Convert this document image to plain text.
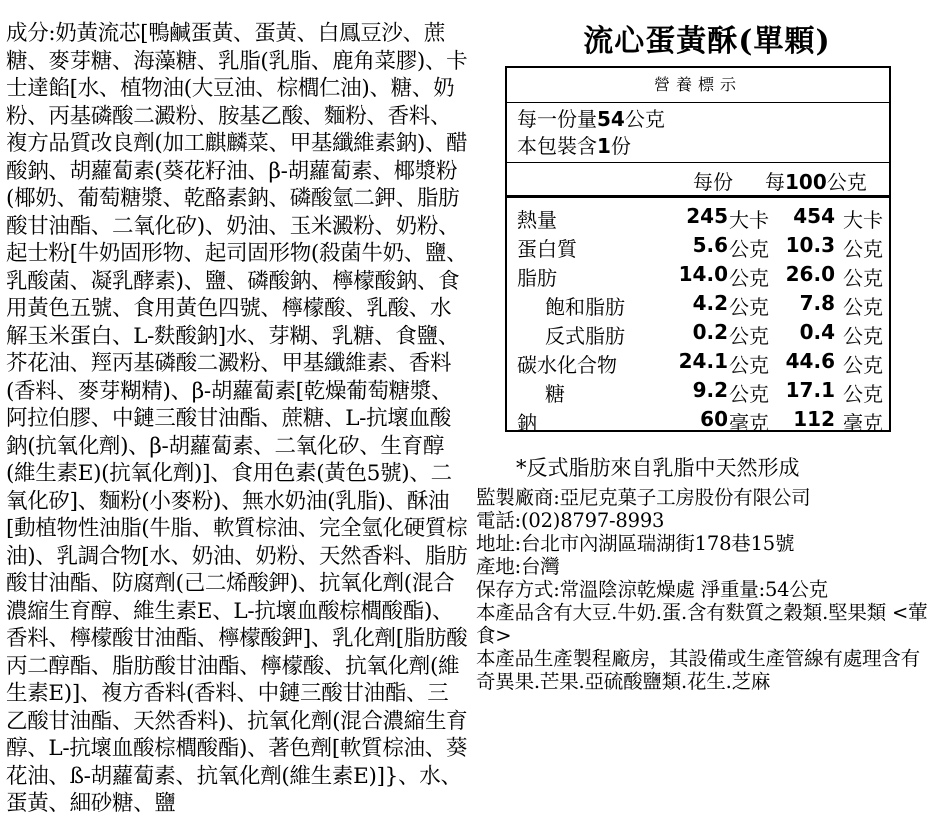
成分:奶黃流芯[鴨鹹蛋黃、蛋黃、白鳳豆沙、蔗糖、麥芽糖、海藻糖、乳脂(乳脂、鹿角菜膠)、卡士達餡[水、植物油(大豆油、棕櫚仁油)、糖、奶粉、丙基磷酸二澱粉、胺基乙酸、麵粉、香料、複方品質改良劑(加工麒麟菜、甲基纖維素鈉)、醋酸鈉、胡蘿蔔素(葵花籽油、β-胡蘿蔔素、椰漿粉(椰奶、葡萄糖漿、乾酪素鈉、磷酸氫二鉀、脂肪酸甘油酯、二氧化矽)、奶油、玉米澱粉、奶粉、起士粉[牛奶固形物、起司固形物(殺菌牛奶、鹽、乳酸菌、凝乳酵素)、鹽、磷酸鈉、檸檬酸鈉、食用黃色五號、食用黃色四號、檸檬酸、乳酸、水解玉米蛋白、L-麩酸鈉]水、芽糊、乳糖、食鹽、芥花油、羥丙基磷酸二澱粉、甲基纖維素、香料(香料、麥芽糊精)、β-胡蘿蔔素[乾燥葡萄糖漿、阿拉伯膠、中鏈三酸甘油酯、蔗糖、L-抗壞血酸鈉(抗氧化劑)、β-胡蘿蔔素、二氧化矽、生育醇(維生素E)(抗氧化劑)]、食用色素(黃色5號)、二氧化矽]、麵粉(小麥粉)、無水奶油(乳脂)、酥油[動植物性油脂(牛脂、軟質棕油、完全氫化硬質棕油)、乳調合物[水、奶油、奶粉、天然香料、脂肪酸甘油酯、防腐劑(己二烯酸鉀)、抗氧化劑(混合濃縮生育醇、維生素E、L-抗壞血酸棕櫚酸酯)、香料、檸檬酸甘油酯、檸檬酸鉀]、乳化劑[脂肪酸丙二醇酯、脂肪酸甘油酯、檸檬酸、抗氧化劑(維生素E)]、複方香料(香料、中鏈三酸甘油酯、三乙酸甘油酯、天然香料)、抗氧化劑(混合濃縮生育醇、L-抗壞血酸棕櫚酸酯)、著色劑[軟質棕油、葵花油、ß-胡蘿蔔素、抗氧化劑(維生素E)]}、水、蛋黃、細砂糖、鹽
流心蛋黃酥(單顆)
營養標示
每一份量54公克
本包裝含1份
每份 每100公克
熱量	245 大卡 454 大卡
蛋白質	5.6 公克 10.3 公克
脂肪	14.0 公克 26.0 公克
飽和脂肪	4.2 公克 7.8 公克
反式脂肪	0.2 公克 0.4 公克
碳水化合物	24.1 公克 44.6 公克
糖	9.2 公克 17.1 公克
鈉	60 毫克 112 毫克
*反式脂肪來自乳脂中天然形成
監製廠商:亞尼克菓子工房股份有限公司
電話:(02)8797-8993
地址:台北市內湖區瑞湖街178巷15號
產地:台灣
保存方式:常溫陰涼乾燥處 淨重量:54公克
本產品含有大豆.牛奶.蛋.含有麩質之穀類.堅果類 <葷食>
本產品生產製程廠房，其設備或生產管線有處理含有奇異果.芒果.亞硫酸鹽類.花生.芝麻
